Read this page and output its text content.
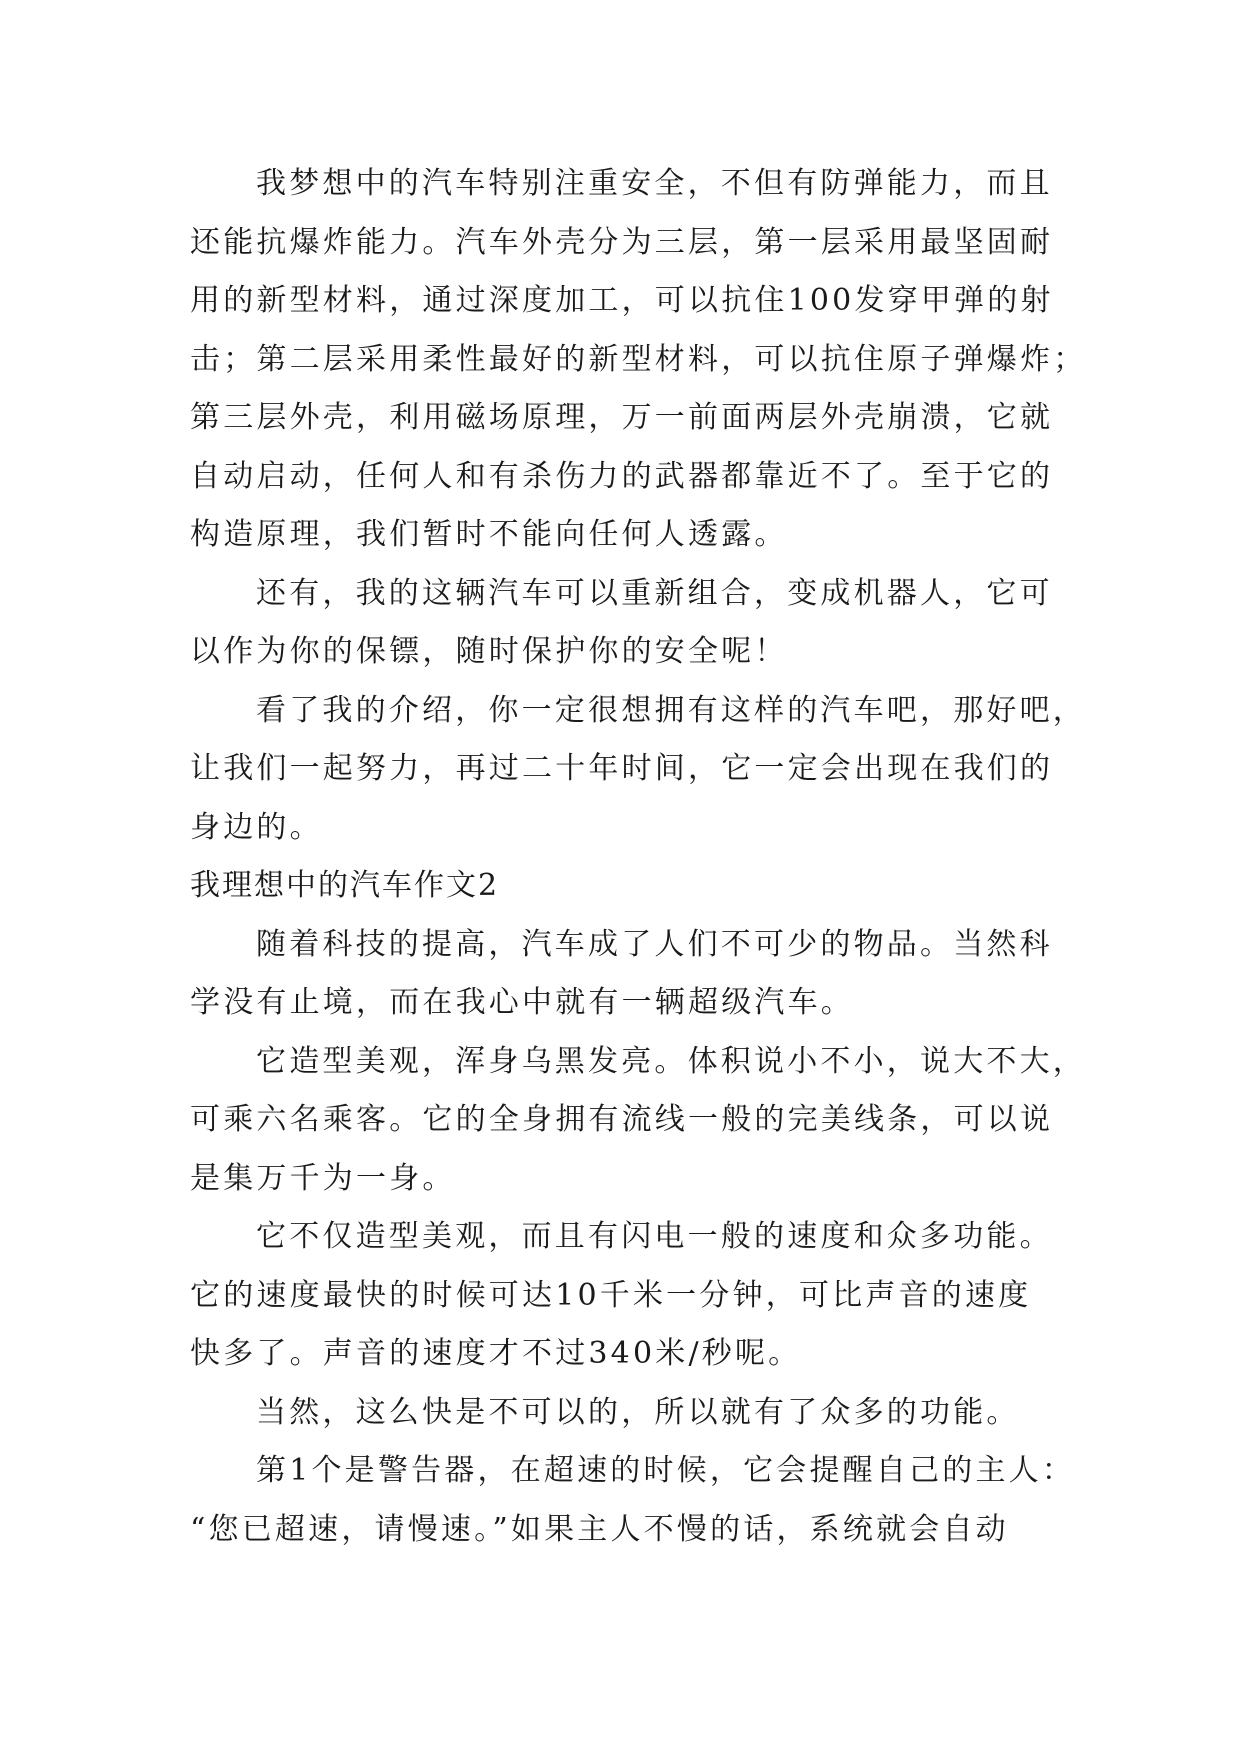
我梦想中的汽车特别注重安全，不但有防弹能力，而且
还能抗爆炸能力。汽车外壳分为三层，第一层采用最坚固耐
用的新型材料，通过深度加工，可以抗住100发穿甲弹的射
击；第二层采用柔性最好的新型材料，可以抗住原子弹爆炸；
第三层外壳，利用磁场原理，万一前面两层外壳崩溃，它就
自动启动，任何人和有杀伤力的武器都靠近不了。至于它的
构造原理，我们暂时不能向任何人透露。
还有，我的这辆汽车可以重新组合，变成机器人，它可
以作为你的保镖，随时保护你的安全呢！
看了我的介绍，你一定很想拥有这样的汽车吧，那好吧，
让我们一起努力，再过二十年时间，它一定会出现在我们的
身边的。
我理想中的汽车作文2
随着科技的提高，汽车成了人们不可少的物品。当然科
学没有止境，而在我心中就有一辆超级汽车。
它造型美观，浑身乌黑发亮。体积说小不小，说大不大，
可乘六名乘客。它的全身拥有流线一般的完美线条，可以说
是集万千为一身。
它不仅造型美观，而且有闪电一般的速度和众多功能。
它的速度最快的时候可达10千米一分钟，可比声音的速度
快多了。声音的速度才不过340米/秒呢。
当然，这么快是不可以的，所以就有了众多的功能。
第1个是警告器，在超速的时候，它会提醒自己的主人：
“您已超速，请慢速。”如果主人不慢的话，系统就会自动
